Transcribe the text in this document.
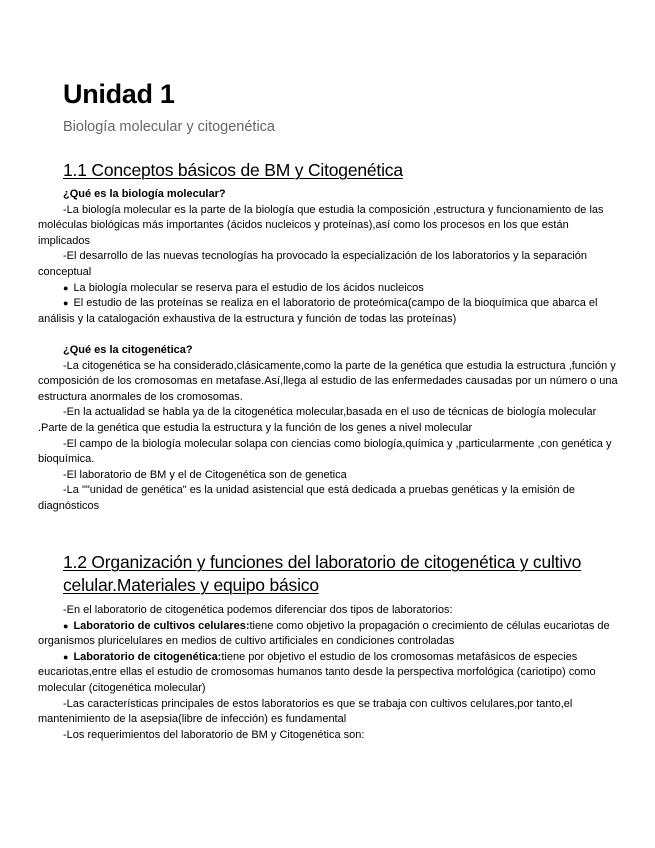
Unidad 1
Biología molecular y citogenética
1.1 Conceptos básicos de BM y Citogenética

¿Qué es la biología molecular?

-La biología molecular es la parte de la biología que estudia la composición ,estructura y funcionamiento de las moléculas biológicas más importantes (ácidos nucleicos y proteínas),así como los procesos en los que están implicados

-El desarrollo de las nuevas tecnologías ha provocado la especialización de los laboratorios y la separación conceptual

● La biología molecular se reserva para el estudio de los ácidos nucleicos

● El estudio de las proteínas se realiza en el laboratorio de proteómica(campo de la bioquímica que abarca el análisis y la catalogación exhaustiva de la estructura y función de todas las proteínas)

¿Qué es la citogenética?

-La citogenética se ha considerado,clásicamente,como la parte de la genética que estudia la estructura ,función y composición de los cromosomas en metafase.Así,llega al estudio de las enfermedades causadas por un número o una estructura anormales de los cromosomas.

-En la actualidad se habla ya de la citogenética molecular,basada en el uso de técnicas de biología molecular .Parte de la genética que estudia la estructura y la función de los genes a nivel molecular

-El campo de la biología molecular solapa con ciencias como biología,química y ,particularmente ,con genética y bioquímica.

-El laboratorio de BM y el de Citogenética son de genetica

-La ""unidad de genética" es la unidad asistencial que está dedicada a pruebas genéticas y la emisión de diagnósticos

1.2 Organización y funciones del laboratorio de citogenética y cultivo celular.Materiales y equipo básico

-En el laboratorio de citogenética podemos diferenciar dos tipos de laboratorios:

● Laboratorio de cultivos celulares:tiene como objetivo la propagación o crecimiento de células eucariotas de organismos pluricelulares en medios de cultivo artificiales en condiciones controladas

● Laboratorio de citogenética:tiene por objetivo el estudio de los cromosomas metafásicos de especies eucariotas,entre ellas el estudio de cromosomas humanos tanto desde la perspectiva morfológica (cariotipo) como molecular (citogenética molecular)

-Las características principales de estos laboratorios es que se trabaja con cultivos celulares,por tanto,el mantenimiento de la asepsia(libre de infección) es fundamental

-Los requerimientos del laboratorio de BM y Citogenética son:
